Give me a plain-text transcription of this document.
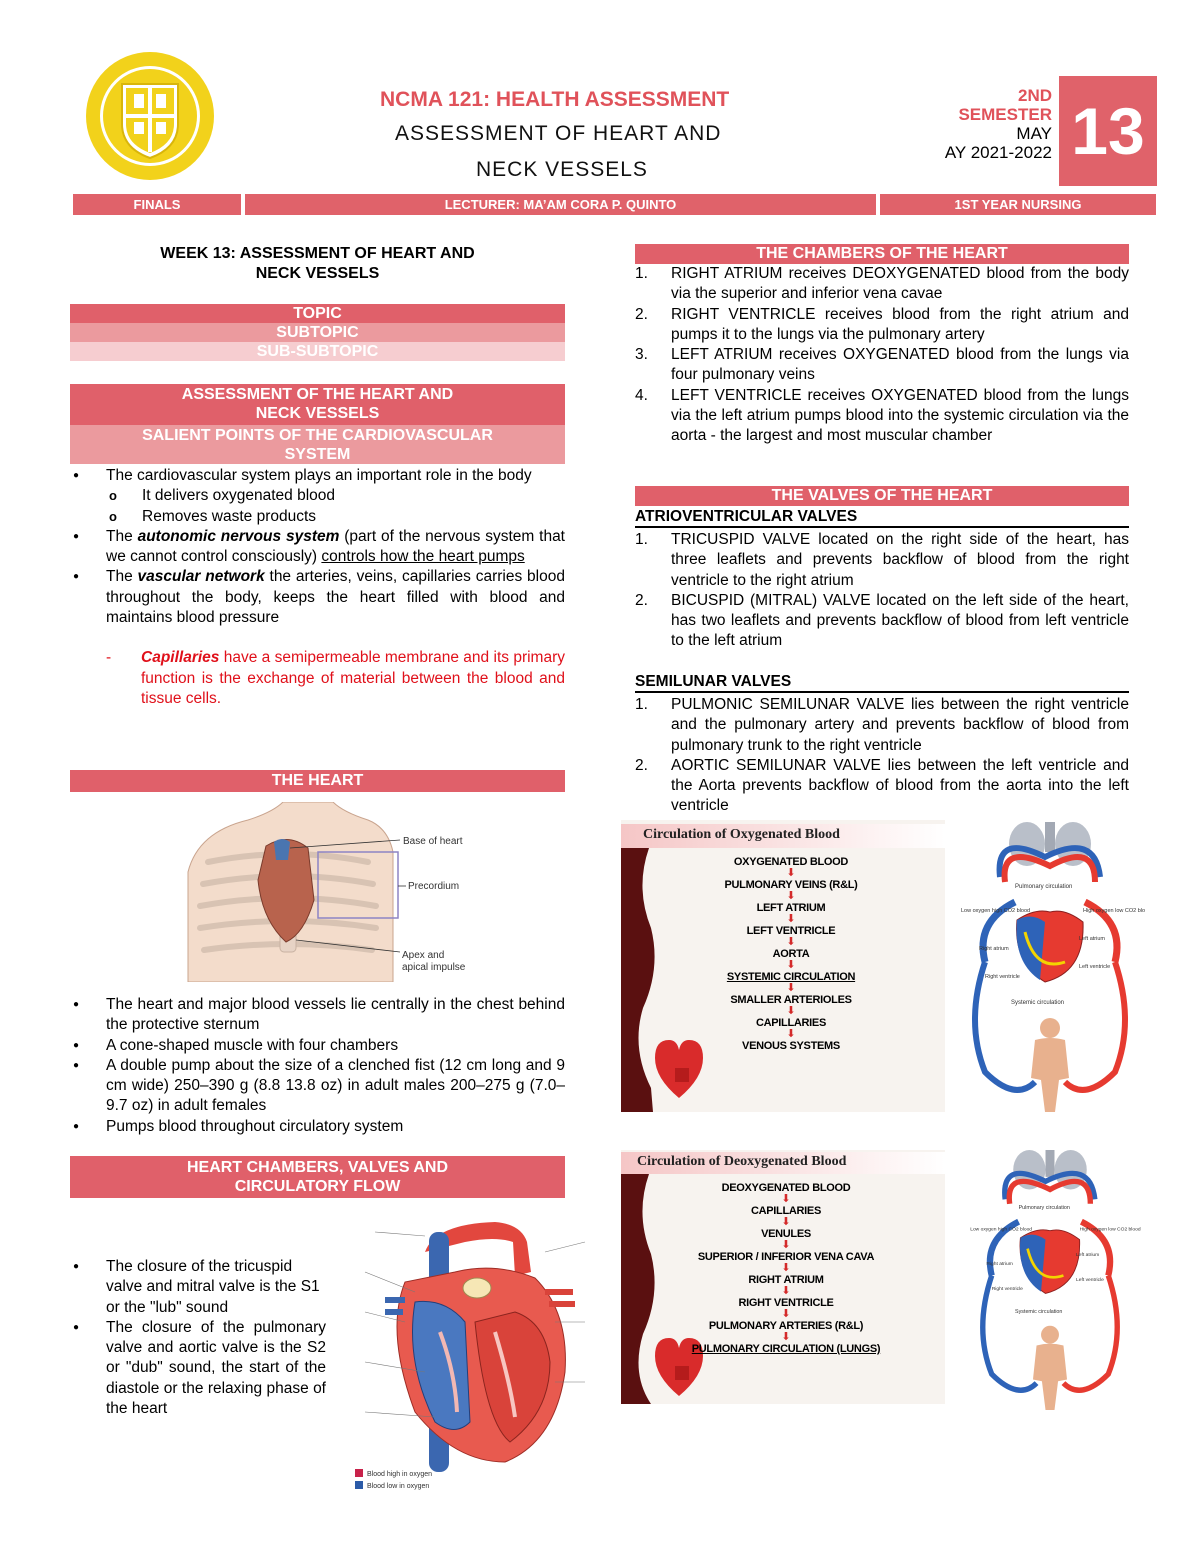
NCMA 121: HEALTH ASSESSMENT
ASSESSMENT OF HEART AND
NECK VESSELS
2ND
SEMESTER
MAY
AY 2021-2022 13
FINALS	LECTURER: MA’AM CORA P. QUINTO	1ST YEAR NURSING
WEEK 13: ASSESSMENT OF HEART AND
NECK VESSELS
TOPIC
SUBTOPIC
SUB-SUBTOPIC
ASSESSMENT OF THE HEART AND
NECK VESSELS
SALIENT POINTS OF THE CARDIOVASCULAR
SYSTEM
● The cardiovascular system plays an important role in the body
o It delivers oxygenated blood
o Removes waste products
● The autonomic nervous system (part of the nervous system that we cannot control consciously) controls how the heart pumps
● The vascular network the arteries, veins, capillaries carries blood throughout the body, keeps the heart filled with blood and maintains blood pressure
- Capillaries have a semipermeable membrane and its primary function is the exchange of material between the blood and tissue cells.
THE HEART
Base of heart
Precordium
Apex and
apical impulse
● The heart and major blood vessels lie centrally in the chest behind the protective sternum
● A cone-shaped muscle with four chambers
● A double pump about the size of a clenched fist (12 cm long and 9 cm wide) 250–390 g (8.8 13.8 oz) in adult males 200–275 g (7.0–9.7 oz) in adult females
● Pumps blood throughout circulatory system
HEART CHAMBERS, VALVES AND
CIRCULATORY FLOW
● The closure of the tricuspid valve and mitral valve is the S1 or the "lub" sound
● The closure of the pulmonary valve and aortic valve is the S2 or "dub" sound, the start of the diastole or the relaxing phase of the heart
Blood high in oxygen
Blood low in oxygen
THE CHAMBERS OF THE HEART
1. RIGHT ATRIUM receives DEOXYGENATED blood from the body via the superior and inferior vena cavae
2. RIGHT VENTRICLE receives blood from the right atrium and pumps it to the lungs via the pulmonary artery
3. LEFT ATRIUM receives OXYGENATED blood from the lungs via four pulmonary veins
4. LEFT VENTRICLE receives OXYGENATED blood from the lungs via the left atrium pumps blood into the systemic circulation via the aorta - the largest and most muscular chamber
THE VALVES OF THE HEART
ATRIOVENTRICULAR VALVES
1. TRICUSPID VALVE located on the right side of the heart, has three leaflets and prevents backflow of blood from the right ventricle to the right atrium
2. BICUSPID (MITRAL) VALVE located on the left side of the heart, has two leaflets and prevents backflow of blood from left ventricle to the left atrium
SEMILUNAR VALVES
1. PULMONIC SEMILUNAR VALVE lies between the right ventricle and the pulmonary artery and prevents backflow of blood from pulmonary trunk to the right ventricle
2. AORTIC SEMILUNAR VALVE lies between the left ventricle and the Aorta prevents backflow of blood from the aorta into the left ventricle
Circulation of Oxygenated Blood
OXYGENATED BLOOD
⬇
PULMONARY VEINS (R&L)
⬇
LEFT ATRIUM
⬇
LEFT VENTRICLE
⬇
AORTA
⬇
SYSTEMIC CIRCULATION
⬇
SMALLER ARTERIOLES
⬇
CAPILLARIES
⬇
VENOUS SYSTEMS
Pulmonary circulation
Low oxygen high CO2 blood	High oxygen low CO2 blood
Right atrium
Right ventricle
Left atrium
Left ventricle
Systemic circulation
Circulation of Deoxygenated Blood
DEOXYGENATED BLOOD
⬇
CAPILLARIES
⬇
VENULES
⬇
SUPERIOR / INFERIOR VENA CAVA
⬇
RIGHT ATRIUM
⬇
RIGHT VENTRICLE
⬇
PULMONARY ARTERIES (R&L)
⬇
PULMONARY CIRCULATION (LUNGS)
Pulmonary circulation
Low oxygen high CO2 blood	High oxygen low CO2 blood
Right atrium
Right ventricle
Left atrium
Left ventricle
Systemic circulation
